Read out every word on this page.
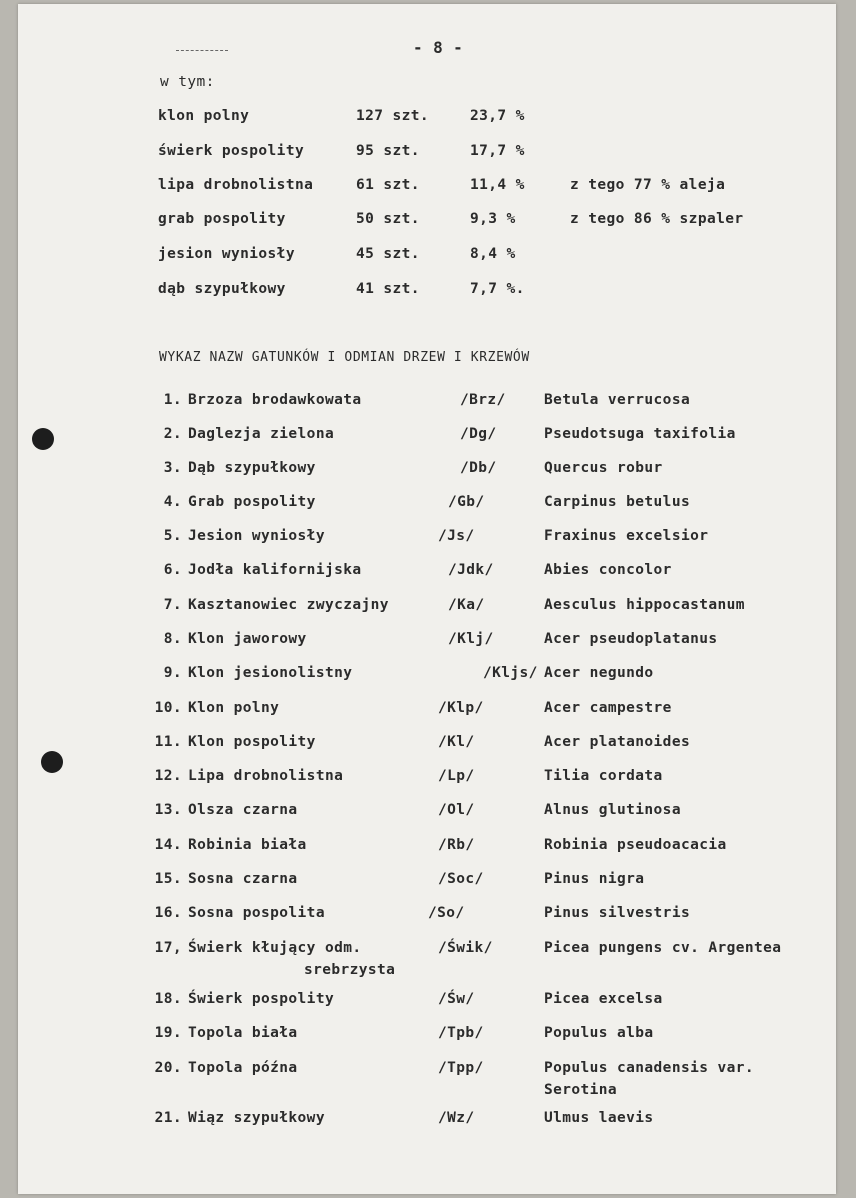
- 8 -
w tym:
klon polny	127 szt.	23,7 %
świerk pospolity	95 szt.	17,7 %
lipa drobnolistna	61 szt.	11,4 %	z tego 77 % aleja
grab pospolity	50 szt.	9,3 %	z tego 86 % szpaler
jesion wyniosły	45 szt.	8,4 %
dąb szypułkowy	41 szt.	7,7 %.
WYKAZ NAZW GATUNKÓW I ODMIAN DRZEW I KRZEWÓW
1. Brzoza brodawkowata	/Brz/	Betula verrucosa
2. Daglezja zielona	/Dg/	Pseudotsuga taxifolia
3. Dąb szypułkowy	/Db/	Quercus robur
4. Grab pospolity	/Gb/	Carpinus betulus
5. Jesion wyniosły	/Js/	Fraxinus excelsior
6. Jodła kalifornijska	/Jdk/	Abies concolor
7. Kasztanowiec zwyczajny	/Ka/	Aesculus hippocastanum
8. Klon jaworowy	/Klj/	Acer pseudoplatanus
9. Klon jesionolistny	/Kljs/ Acer negundo
10. Klon polny	/Klp/	Acer campestre
11. Klon pospolity	/Kl/	Acer platanoides
12. Lipa drobnolistna	/Lp/	Tilia cordata
13. Olsza czarna	/Ol/	Alnus glutinosa
14. Robinia biała	/Rb/	Robinia pseudoacacia
15. Sosna czarna	/Soc/	Pinus nigra
16. Sosna pospolita	/So/	Pinus silvestris
17, Świerk kłujący odm.	/Świk/	Picea pungens cv. Argentea
srebrzysta
18. Świerk pospolity	/Św/	Picea excelsa
19. Topola biała	/Tpb/	Populus alba
20. Topola późna	/Tpp/	Populus canadensis var.
Serotina
21. Wiąz szypułkowy	/Wz/	Ulmus laevis
